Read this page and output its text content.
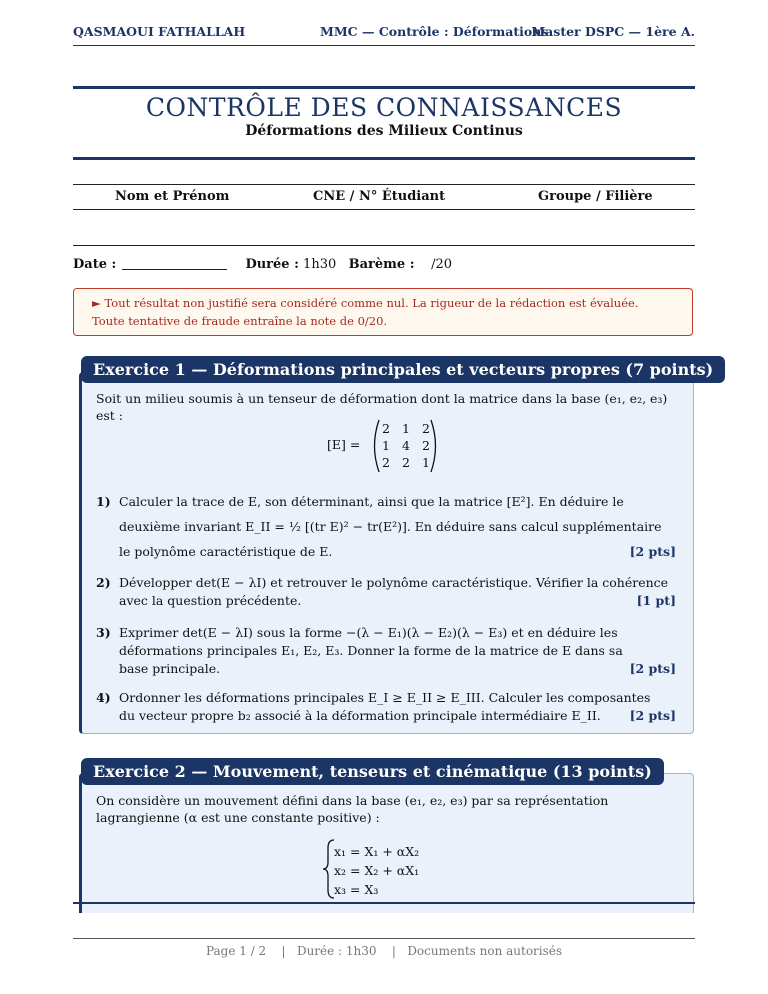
QASMAOUI FATHALLAH	MMC — Contrôle : Déformations
Master DSPC — 1ère A.
CONTRÔLE DES CONNAISSANCES
Déformations des Milieux Continus
Nom et Prénom	CNE / N° Étudiant	Groupe / Filière
Date :	Durée : 1h30 Barème : /20
► Tout résultat non justifié sera considéré comme nul. La rigueur de la rédaction est évaluée.
Toute tentative de fraude entraîne la note de 0/20.
Exercice 1 — Déformations principales et vecteurs propres (7 points)
Soit un milieu soumis à un tenseur de déformation dont la matrice dans la base (e₁, e₂, e₃)
est :
[E] =
2 1 2
1 4 2
2 2 1
1) Calculer la trace de E, son déterminant, ainsi que la matrice [E²]. En déduire le
deuxième invariant E_II = ½ [(tr E)² − tr(E²)]. En déduire sans calcul supplémentaire
le polynôme caractéristique de E.	[2 pts]
2) Développer det(E − λI) et retrouver le polynôme caractéristique. Vérifier la cohérence
avec la question précédente.	[1 pt]
3) Exprimer det(E − λI) sous la forme −(λ − E₁)(λ − E₂)(λ − E₃) et en déduire les
déformations principales E₁, E₂, E₃. Donner la forme de la matrice de E dans sa
base principale.	[2 pts]
4) Ordonner les déformations principales E_I ≥ E_II ≥ E_III. Calculer les composantes
du vecteur propre b₂ associé à la déformation principale intermédiaire E_II. [2 pts]
Exercice 2 — Mouvement, tenseurs et cinématique (13 points)
On considère un mouvement défini dans la base (e₁, e₂, e₃) par sa représentation
lagrangienne (α est une constante positive) :
x₁ = X₁ + αX₂
x₂ = X₂ + αX₁
x₃ = X₃
Page 1 / 2 | Durée : 1h30 | Documents non autorisés
